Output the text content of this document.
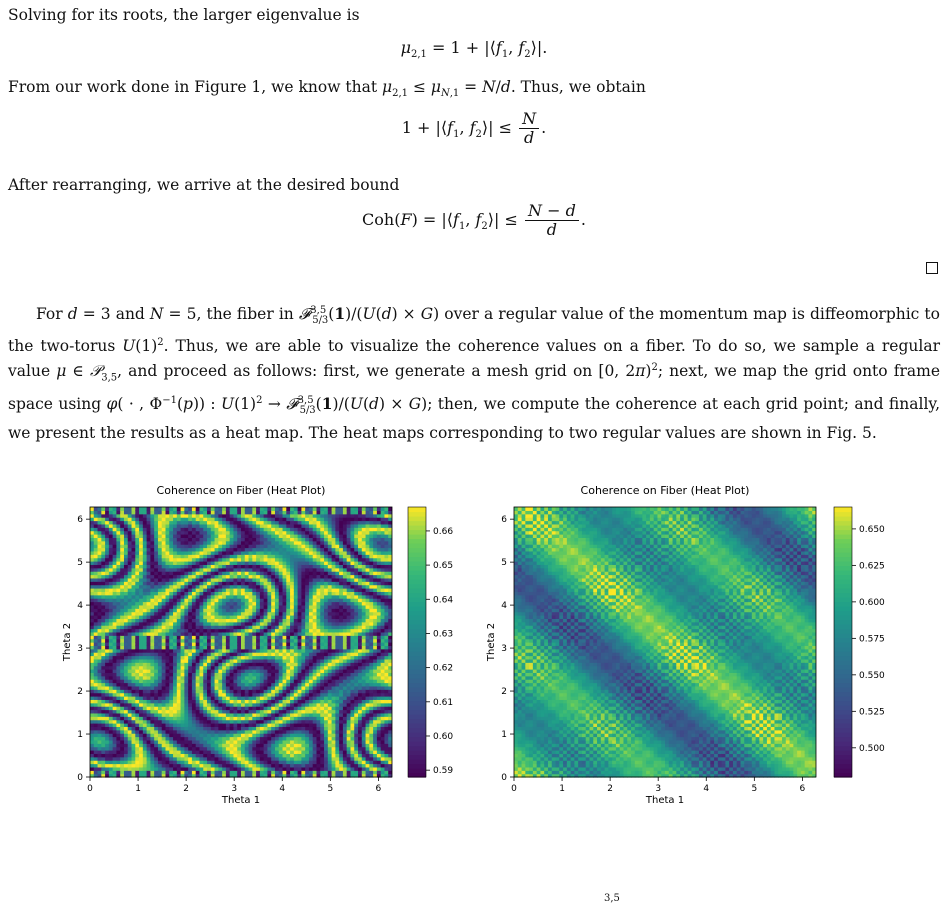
Solving for its roots, the larger eigenvalue is
$\mu_{2,1} = 1$ + $|⟨f_1$, $f_2⟩|$.
From our work done in Figure 1, we know that $\mu_{2,1} \le \mu_{N,1} = N/d$. Thus, we obtain
$1 + |⟨f_1$, $f_2⟩| \le \frac{N}{d}$ .
After rearranging, we arrive at the desired bound
$Coh(F) = |⟨f_1$, $f_2⟩| \le \frac{N - d}{d}$ .
For d = 3 and N = 5, the fiber in 𝓕$^{3,5}_{5/3}$(1)/(U(d) × G) over a regular value of the momentum map is diffeomorphic to the two-torus $U(1)^2$. Thus, we are able to visualize the coherence values on a fiber. To do so, we sample a regular value μ ∈ 𝒫$_{3,5}$, and proceed as follows: first, we generate a mesh grid on [0, 2π)$^2$; next, we map the grid onto frame space using φ( · , $\Phi^{-1}(p)$) : $U(1)^2$ → 𝓕$^{3,5}_{5/3}$(1)/(U(d) × G); then, we compute the coherence at each grid point; and finally, we present the results as a heat map. The heat maps corresponding to two regular values are shown in Fig. 5.
Coherence on Fiber (Heat Plot)
0	1	2	3	4	5	6
0
1
2
3
4
5
6
Theta 1
Theta 2
0.59
0.60
0.61
0.62
0.63
0.64
0.65
0.66
Coherence on Fiber (Heat Plot)
0	1	2	3	4	5	6
0
1
2
3
4
5
6
Theta 1
Theta 2
0.500
0.525
0.550
0.575
0.600
0.625
0.650
3,5
